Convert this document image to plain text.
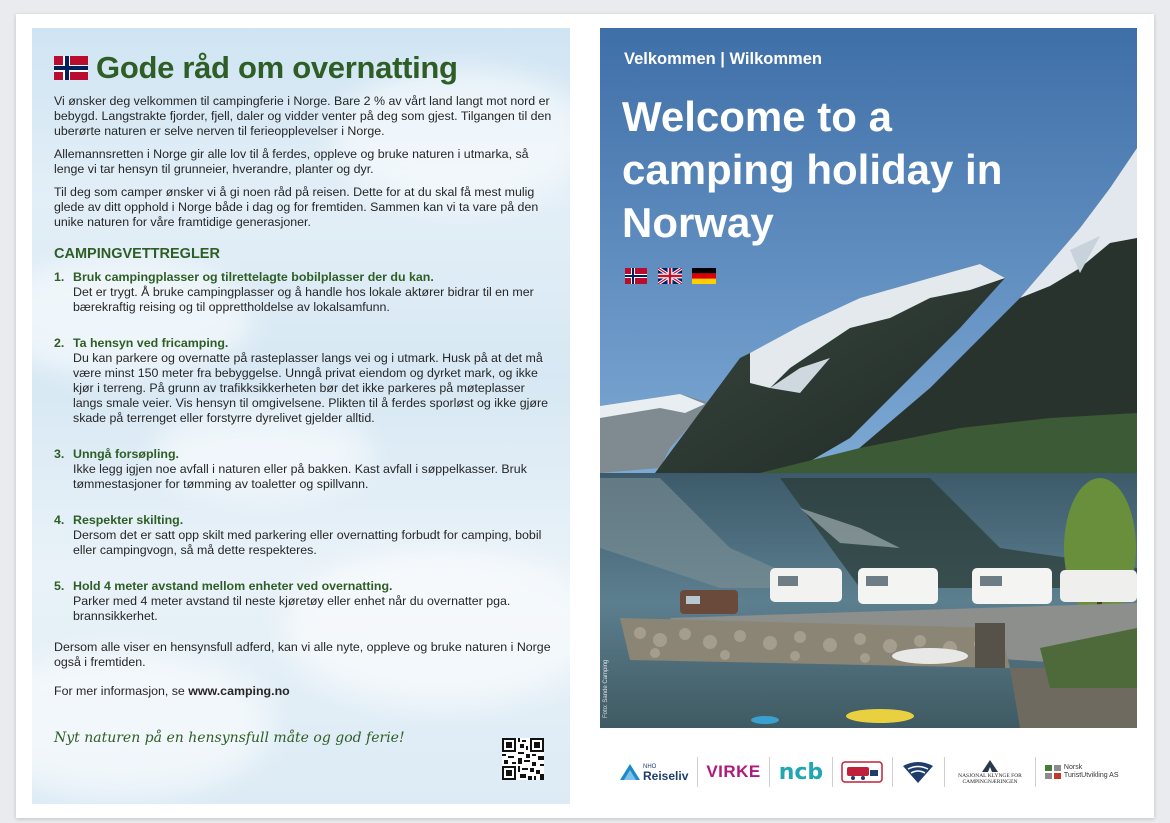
Gode råd om overnatting

Vi ønsker deg velkommen til campingferie i Norge. Bare 2 % av vårt land langt mot nord er bebygd. Langstrakte fjorder, fjell, daler og vidder venter på deg som gjest. Tilgangen til den uberørte naturen er selve nerven til ferieopplevelser i Norge.

Allemannsretten i Norge gir alle lov til å ferdes, oppleve og bruke naturen i utmarka, så lenge vi tar hensyn til grunneier, hverandre, planter og dyr.

Til deg som camper ønsker vi å gi noen råd på reisen. Dette for at du skal få mest mulig glede av ditt opphold i Norge både i dag og for fremtiden. Sammen kan vi ta vare på den unike naturen for våre framtidige generasjoner.

CAMPINGVETTREGLER
1. Bruk campingplasser og tilrettelagte bobilplasser der du kan.
Det er trygt. Å bruke campingplasser og å handle hos lokale aktører bidrar til en mer bærekraftig reising og til opprettholdelse av lokalsamfunn.
2. Ta hensyn ved fricamping.
Du kan parkere og overnatte på rasteplasser langs vei og i utmark. Husk på at det må være minst 150 meter fra bebyggelse. Unngå privat eiendom og dyrket mark, og ikke kjør i terreng. På grunn av trafikksikkerheten bør det ikke parkeres på møteplasser langs smale veier. Vis hensyn til omgivelsene. Plikten til å ferdes sporløst og ikke gjøre skade på terrenget eller forstyrre dyrelivet gjelder alltid.
3. Unngå forsøpling.
Ikke legg igjen noe avfall i naturen eller på bakken. Kast avfall i søppelkasser. Bruk tømmestasjoner for tømming av toaletter og spillvann.
4. Respekter skilting.
Dersom det er satt opp skilt med parkering eller overnatting forbudt for camping, bobil eller campingvogn, så må dette respekteres.
5. Hold 4 meter avstand mellom enheter ved overnatting.
Parker med 4 meter avstand til neste kjøretøy eller enhet når du overnatter pga. brannsikkerhet.

Dersom alle viser en hensynsfull adferd, kan vi alle nyte, oppleve og bruke naturen i Norge også i fremtiden.

For mer informasjon, se www.camping.no

Nyt naturen på en hensynsfull måte og god ferie!
Velkommen | Wilkommen
Welcome to a camping holiday in Norway
Foto: Sande Camping
NHO
Reiseliv VIRKE ncb	NASJONAL KLYNGE FOR CAMPINGNÆRINGEN
Norsk TuristUtvikling AS
